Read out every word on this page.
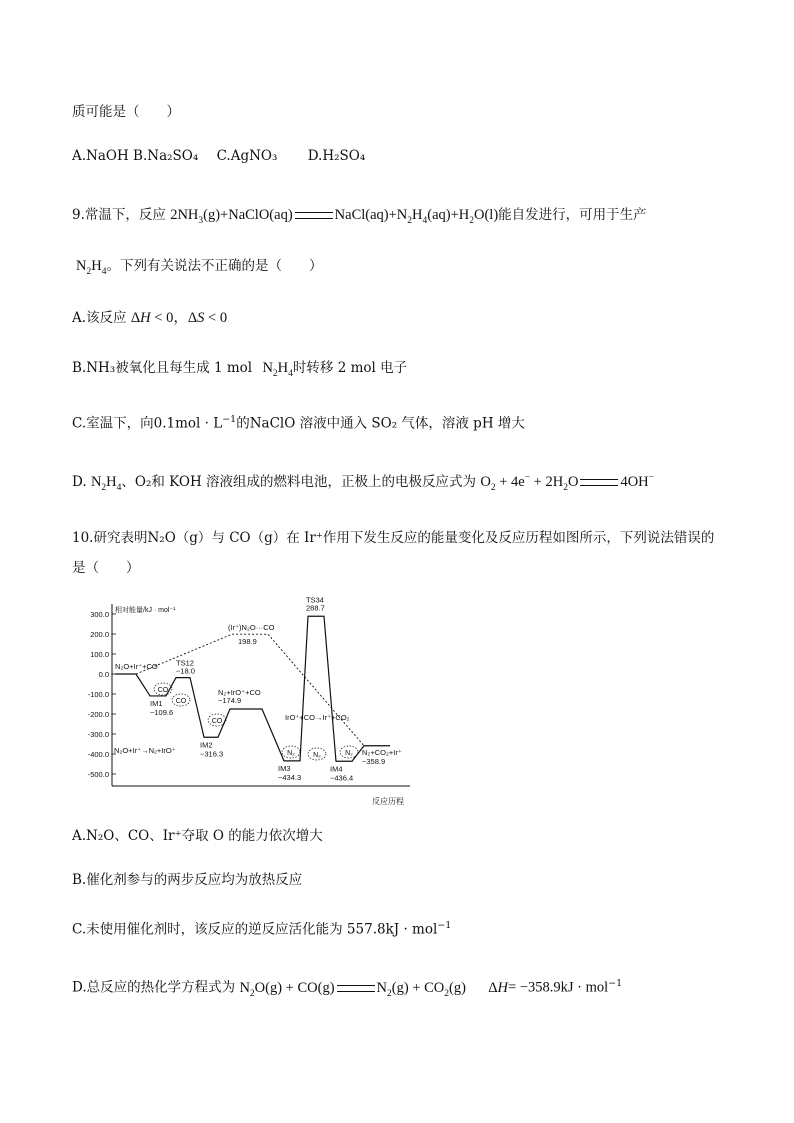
质可能是（　　）
A.NaOH B.Na₂SO₄ C.AgNO₃ D.H₂SO₄
9.常温下，反应 $2NH_3(g)+NaClO(aq)$	$NaCl(aq)+N_2H_4(aq)+H_2O(l)$能自发进行，可用于生产
$N_2H_4$。下列有关说法不正确的是（　　）
A.该反应 ΔH < 0，ΔS < 0
B.NH₃被氧化且每生成 1 mol $N_2H_4$时转移 2 mol 电子
C.室温下，向$0.1mol \cdot L^{-1}$的NaClO 溶液中通入 SO₂ 气体，溶液 pH 增大
D. $N_2H_4$、O₂和 KOH 溶液组成的燃料电池，正极上的电极反应式为 $O_2 + 4e^- + 2H_2O$	4OH−
10.研究表明N₂O（g）与 CO（g）在 Ir⁺作用下发生反应的能量变化及反应历程如图所示，下列说法错误的
是（　　）
相对能量/kJ · mol⁻¹
反应历程
300.0
200.0
100.0
0.0
-100.0
-200.0
-300.0
-400.0
-500.0
N₂O+Ir⁺+CO
IM1
−109.6
TS12
−18.0
IM2
−316.3
N₂+IrO⁺+CO
−174.9
IM3
−434.3
TS34
288.7
IM4
−436.4
N₂+CO₂+Ir⁺
−358.9
(Ir⁺)N₂O···CO
198.9
N₂O+Ir⁺→N₂+IrO⁺
IrO⁺+CO→Ir⁺+CO₂
CO
CO
CO
N₂	N₂	N₂
A.N₂O、CO、Ir⁺夺取 O 的能力依次增大
B.催化剂参与的两步反应均为放热反应
C.未使用催化剂时，该反应的逆反应活化能为 557.8kJ · mol$^{-1}$
D.总反应的热化学方程式为 $N_2O(g) + CO(g)$	$N_2(g) + CO_2(g)$ ΔH= −358.9kJ · mol$^{-1}$
